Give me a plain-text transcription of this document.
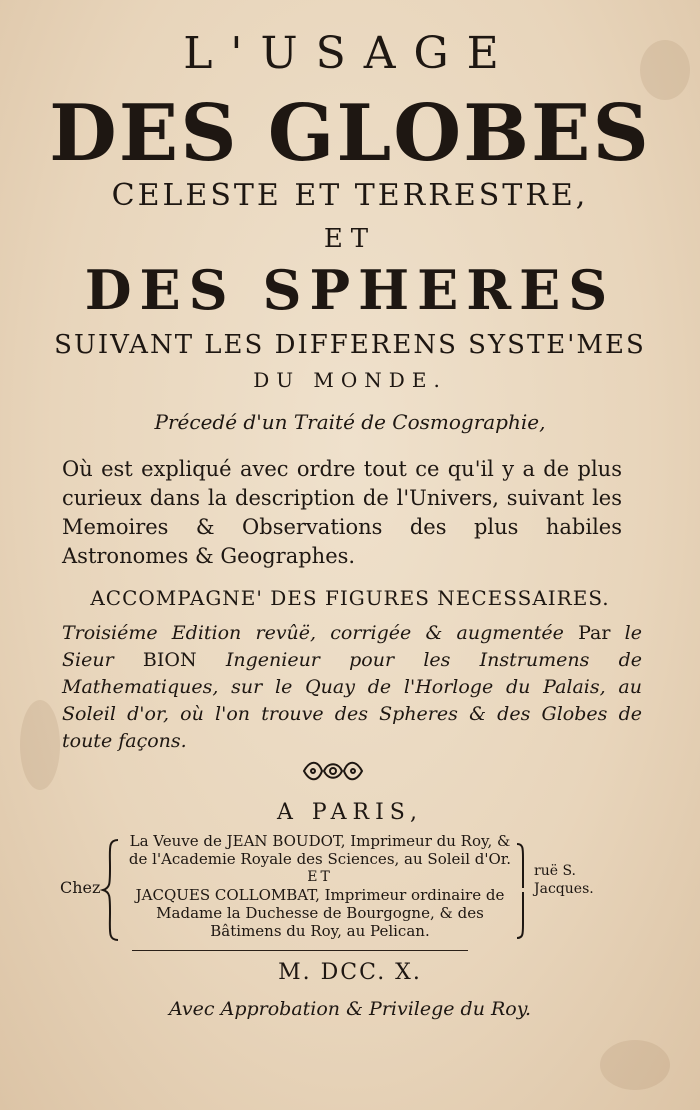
L'USAGE
DES GLOBES
CELESTE ET TERRESTRE,
ET
DES SPHERES
SUIVANT LES DIFFERENS SYSTE'MES
DU MONDE.
Précedé d'un Traité de Cosmographie,
Où est expliqué avec ordre tout ce qu'il y a de plus curieux dans la description de l'Univers, suivant les Memoires & Observations des plus habiles Astronomes & Geographes.
ACCOMPAGNE' DES FIGURES NECESSAIRES.
Troisiéme Edition revûë, corrigée & augmentée Par le Sieur BION Ingenieur pour les Instrumens de Mathematiques, sur le Quay de l'Horloge du Palais, au Soleil d'or, où l'on trouve des Spheres & des Globes de toute façons.
A PARIS,
Chez
La Veuve de JEAN BOUDOT, Imprimeur du Roy, &
de l'Academie Royale des Sciences, au Soleil d'Or.
ET
JACQUES COLLOMBAT, Imprimeur ordinaire de
Madame la Duchesse de Bourgogne, & des
Bâtimens du Roy, au Pelican.
ruë S.
Jacques.
M. DCC. X.
Avec Approbation & Privilege du Roy.
